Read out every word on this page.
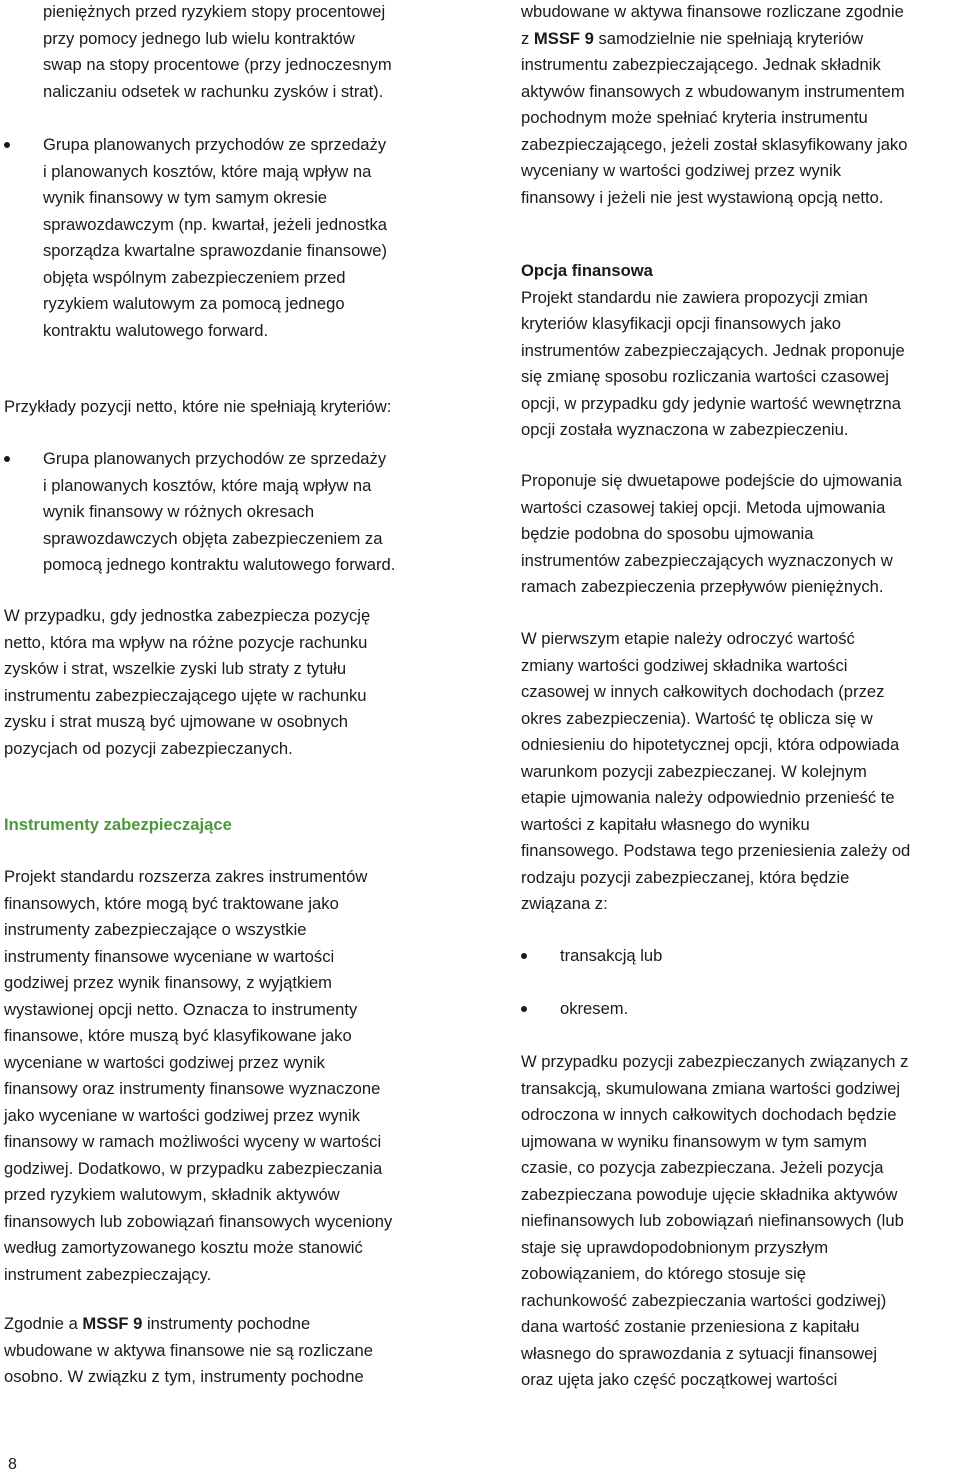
pieniężnych przed ryzykiem stopy procentowej
przy pomocy jednego lub wielu kontraktów
swap na stopy procentowe (przy jednoczesnym
naliczaniu odsetek w rachunku zysków i strat).
Grupa planowanych przychodów ze sprzedaży
i planowanych kosztów, które mają wpływ na
wynik finansowy w tym samym okresie
sprawozdawczym (np. kwartał, jeżeli jednostka
sporządza kwartalne sprawozdanie finansowe)
objęta wspólnym zabezpieczeniem przed
ryzykiem walutowym za pomocą jednego
kontraktu walutowego forward.
Przykłady pozycji netto, które nie spełniają kryteriów:
Grupa planowanych przychodów ze sprzedaży
i planowanych kosztów, które mają wpływ na
wynik finansowy w różnych okresach
sprawozdawczych objęta zabezpieczeniem za
pomocą jednego kontraktu walutowego forward.
W przypadku, gdy jednostka zabezpiecza pozycję
netto, która ma wpływ na różne pozycje rachunku
zysków i strat, wszelkie zyski lub straty z tytułu
instrumentu zabezpieczającego ujęte w rachunku
zysku i strat muszą być ujmowane w osobnych
pozycjach od pozycji zabezpieczanych.
Instrumenty zabezpieczające
Projekt standardu rozszerza zakres instrumentów
finansowych, które mogą być traktowane jako
instrumenty zabezpieczające o wszystkie
instrumenty finansowe wyceniane w wartości
godziwej przez wynik finansowy, z wyjątkiem
wystawionej opcji netto. Oznacza to instrumenty
finansowe, które muszą być klasyfikowane jako
wyceniane w wartości godziwej przez wynik
finansowy oraz instrumenty finansowe wyznaczone
jako wyceniane w wartości godziwej przez wynik
finansowy w ramach możliwości wyceny w wartości
godziwej. Dodatkowo, w przypadku zabezpieczania
przed ryzykiem walutowym, składnik aktywów
finansowych lub zobowiązań finansowych wyceniony
według zamortyzowanego kosztu może stanowić
instrument zabezpieczający.
Zgodnie a MSSF 9 instrumenty pochodne
wbudowane w aktywa finansowe nie są rozliczane
osobno. W związku z tym, instrumenty pochodne
wbudowane w aktywa finansowe rozliczane zgodnie
z MSSF 9 samodzielnie nie spełniają kryteriów
instrumentu zabezpieczającego. Jednak składnik
aktywów finansowych z wbudowanym instrumentem
pochodnym może spełniać kryteria instrumentu
zabezpieczającego, jeżeli został sklasyfikowany jako
wyceniany w wartości godziwej przez wynik
finansowy i jeżeli nie jest wystawioną opcją netto.
Opcja finansowa
Projekt standardu nie zawiera propozycji zmian
kryteriów klasyfikacji opcji finansowych jako
instrumentów zabezpieczających. Jednak proponuje
się zmianę sposobu rozliczania wartości czasowej
opcji, w przypadku gdy jedynie wartość wewnętrzna
opcji została wyznaczona w zabezpieczeniu.
Proponuje się dwuetapowe podejście do ujmowania
wartości czasowej takiej opcji. Metoda ujmowania
będzie podobna do sposobu ujmowania
instrumentów zabezpieczających wyznaczonych w
ramach zabezpieczenia przepływów pieniężnych.
W pierwszym etapie należy odroczyć wartość
zmiany wartości godziwej składnika wartości
czasowej w innych całkowitych dochodach (przez
okres zabezpieczenia). Wartość tę oblicza się w
odniesieniu do hipotetycznej opcji, która odpowiada
warunkom pozycji zabezpieczanej. W kolejnym
etapie ujmowania należy odpowiednio przenieść te
wartości z kapitału własnego do wyniku
finansowego. Podstawa tego przeniesienia zależy od
rodzaju pozycji zabezpieczanej, która będzie
związana z:
transakcją lub
okresem.
W przypadku pozycji zabezpieczanych związanych z
transakcją, skumulowana zmiana wartości godziwej
odroczona w innych całkowitych dochodach będzie
ujmowana w wyniku finansowym w tym samym
czasie, co pozycja zabezpieczana. Jeżeli pozycja
zabezpieczana powoduje ujęcie składnika aktywów
niefinansowych lub zobowiązań niefinansowych (lub
staje się uprawdopodobnionym przyszłym
zobowiązaniem, do którego stosuje się
rachunkowość zabezpieczania wartości godziwej)
dana wartość zostanie przeniesiona z kapitału
własnego do sprawozdania z sytuacji finansowej
oraz ujęta jako część początkowej wartości
8
